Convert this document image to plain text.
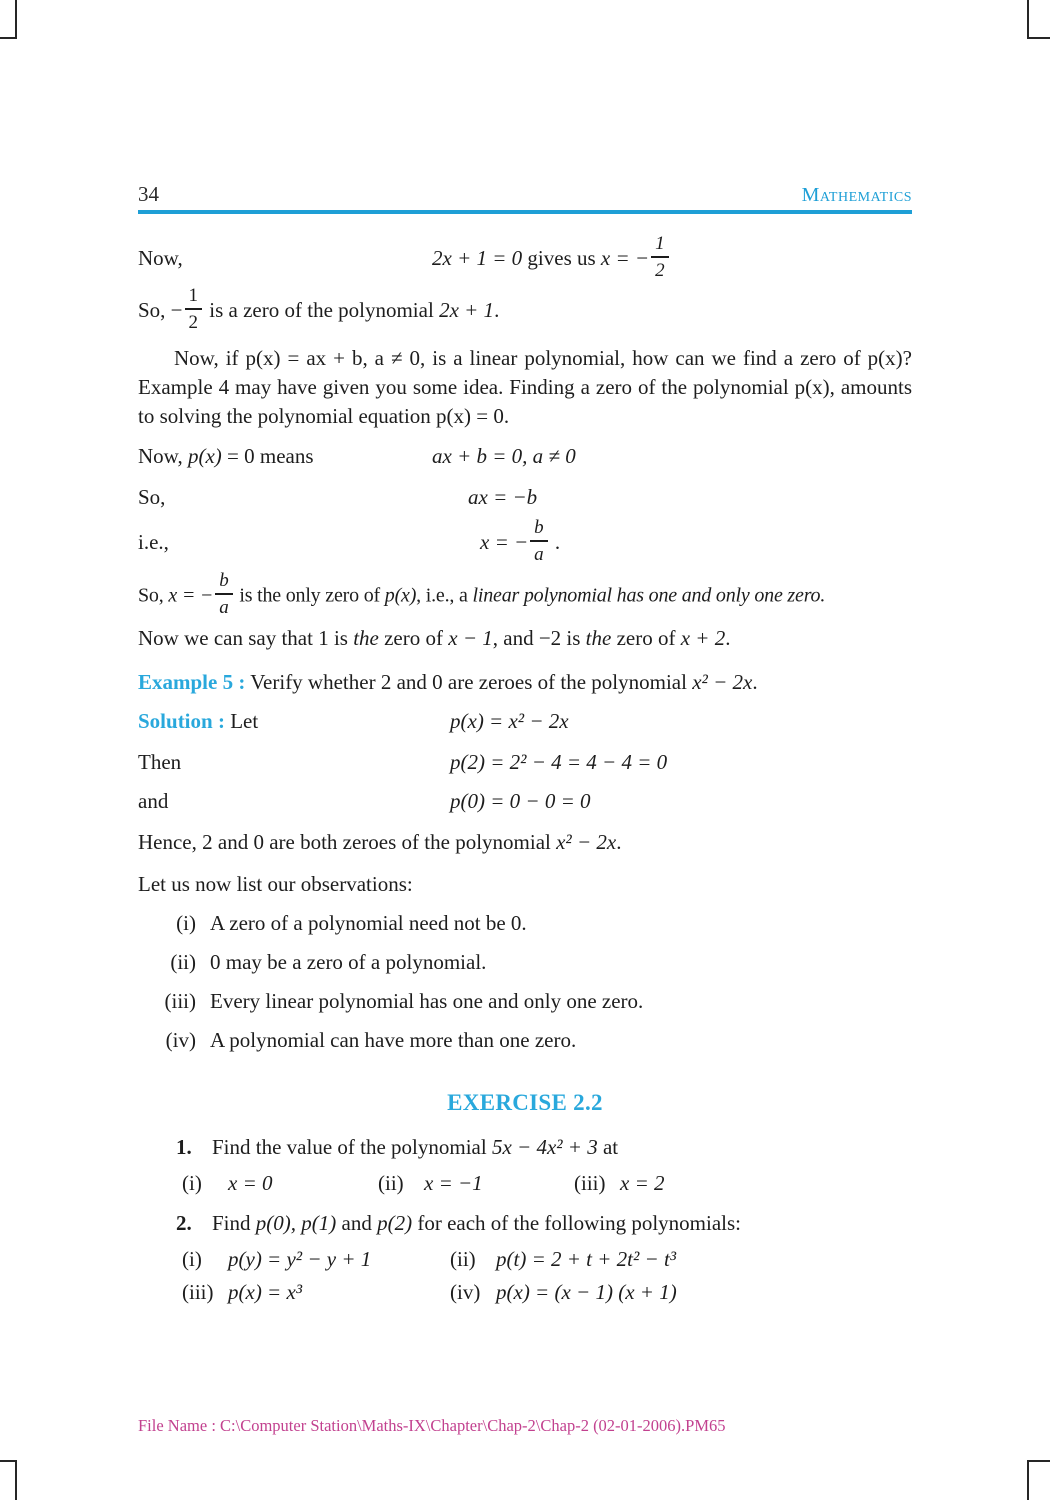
34	Mathematics
Now,	2x + 1 = 0 gives us x = − $\frac{1}{2}$
So, − $\frac{1}{2}$ is a zero of the polynomial 2x + 1.
Now, if p(x) = ax + b, a ≠ 0, is a linear polynomial, how can we find a zero of p(x)? Example 4 may have given you some idea. Finding a zero of the polynomial p(x), amounts to solving the polynomial equation p(x) = 0.
Now, p(x) = 0 means	ax + b = 0, a ≠ 0
So,	ax = −b
i.e.,	x = − $\frac{b}{a}$ .
So, x = − $\frac{b}{a}$ is the only zero of p(x), i.e., a linear polynomial has one and only one zero.
Now we can say that 1 is the zero of x − 1, and −2 is the zero of x + 2.
Example 5 : Verify whether 2 and 0 are zeroes of the polynomial x² − 2x.
Solution : Let	p(x) = x² − 2x
Then	p(2) = 2² − 4 = 4 − 4 = 0
and	p(0) = 0 − 0 = 0
Hence, 2 and 0 are both zeroes of the polynomial x² − 2x.
Let us now list our observations:
(i) A zero of a polynomial need not be 0.
(ii) 0 may be a zero of a polynomial.
(iii) Every linear polynomial has one and only one zero.
(iv) A polynomial can have more than one zero.
EXERCISE 2.2
1. Find the value of the polynomial 5x − 4x² + 3 at
(i) x = 0	(ii) x = −1	(iii) x = 2
2. Find p(0), p(1) and p(2) for each of the following polynomials:
(i) p(y) = y² − y + 1	(ii) p(t) = 2 + t + 2t² − t³
(iii) p(x) = x³	(iv) p(x) = (x − 1) (x + 1)
File Name : C:\Computer Station\Maths-IX\Chapter\Chap-2\Chap-2 (02-01-2006).PM65
